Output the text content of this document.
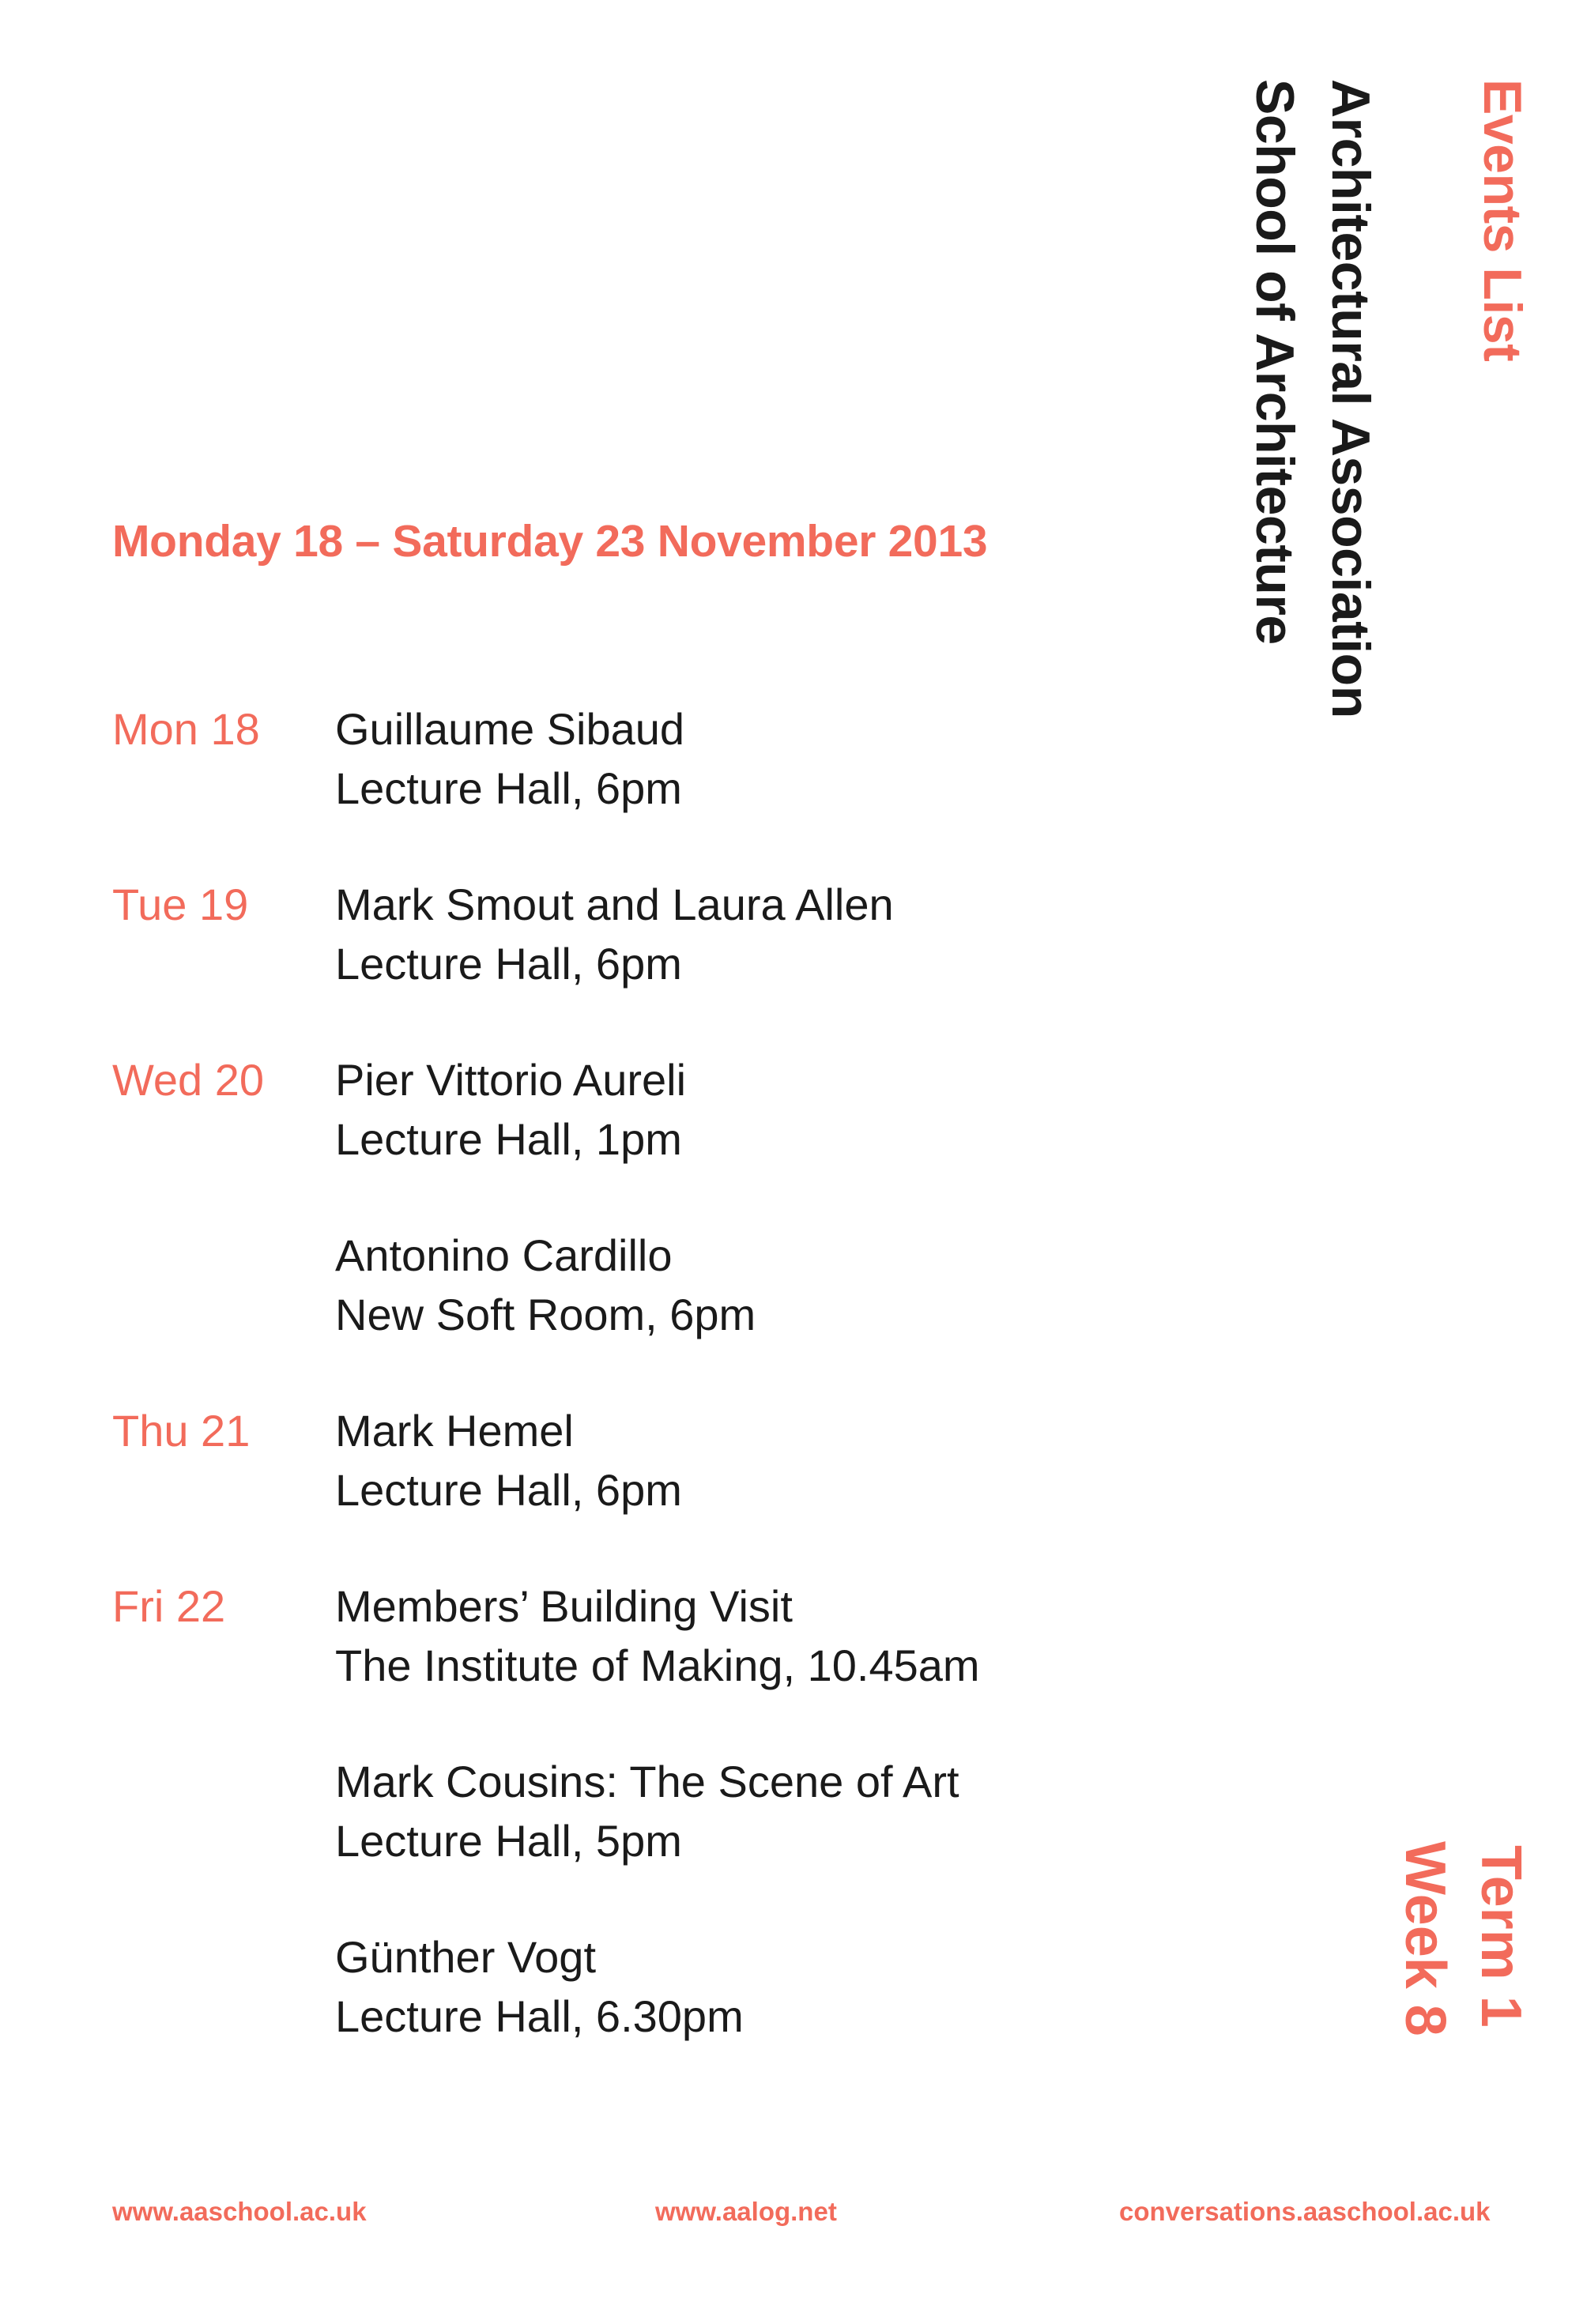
Events List
Architectural Association
School of Architecture
Term 1
Week 8
Monday 18 – Saturday 23 November 2013
Mon 18 Guillaume Sibaud
Lecture Hall, 6pm
Tue 19 Mark Smout and Laura Allen
Lecture Hall, 6pm
Wed 20 Pier Vittorio Aureli
Lecture Hall, 1pm
Antonino Cardillo
New Soft Room, 6pm
Thu 21 Mark Hemel
Lecture Hall, 6pm
Fri 22 Members’ Building Visit
The Institute of Making, 10.45am
Mark Cousins: The Scene of Art
Lecture Hall, 5pm
Günther Vogt
Lecture Hall, 6.30pm
www.aaschool.ac.uk	www.aalog.net	conversations.aaschool.ac.uk
